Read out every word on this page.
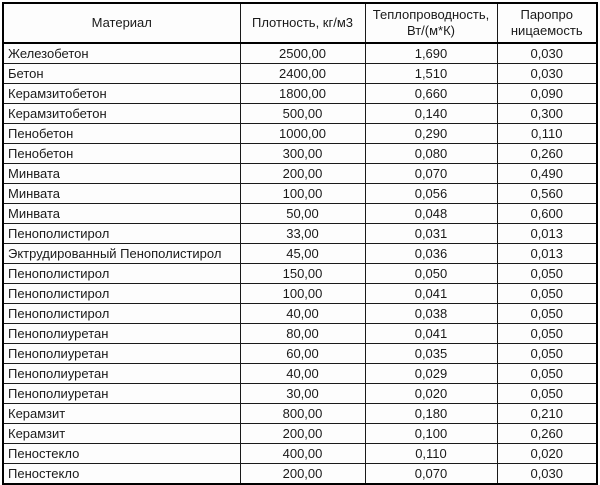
Материал	Плотность, кг/м3	Теплопроводность, Вт/(м*К)	Паропро ницаемость
Железобетон	2500,00	1,690	0,030
Бетон	2400,00	1,510	0,030
Керамзитобетон	1800,00	0,660	0,090
Керамзитобетон	500,00	0,140	0,300
Пенобетон	1000,00	0,290	0,110
Пенобетон	300,00	0,080	0,260
Минвата	200,00	0,070	0,490
Минвата	100,00	0,056	0,560
Минвата	50,00	0,048	0,600
Пенополистирол	33,00	0,031	0,013
Эктрудированный Пенополистирол	45,00	0,036	0,013
Пенополистирол	150,00	0,050	0,050
Пенополистирол	100,00	0,041	0,050
Пенополистирол	40,00	0,038	0,050
Пенополиуретан	80,00	0,041	0,050
Пенополиуретан	60,00	0,035	0,050
Пенополиуретан	40,00	0,029	0,050
Пенополиуретан	30,00	0,020	0,050
Керамзит	800,00	0,180	0,210
Керамзит	200,00	0,100	0,260
Пеностекло	400,00	0,110	0,020
Пеностекло	200,00	0,070	0,030
